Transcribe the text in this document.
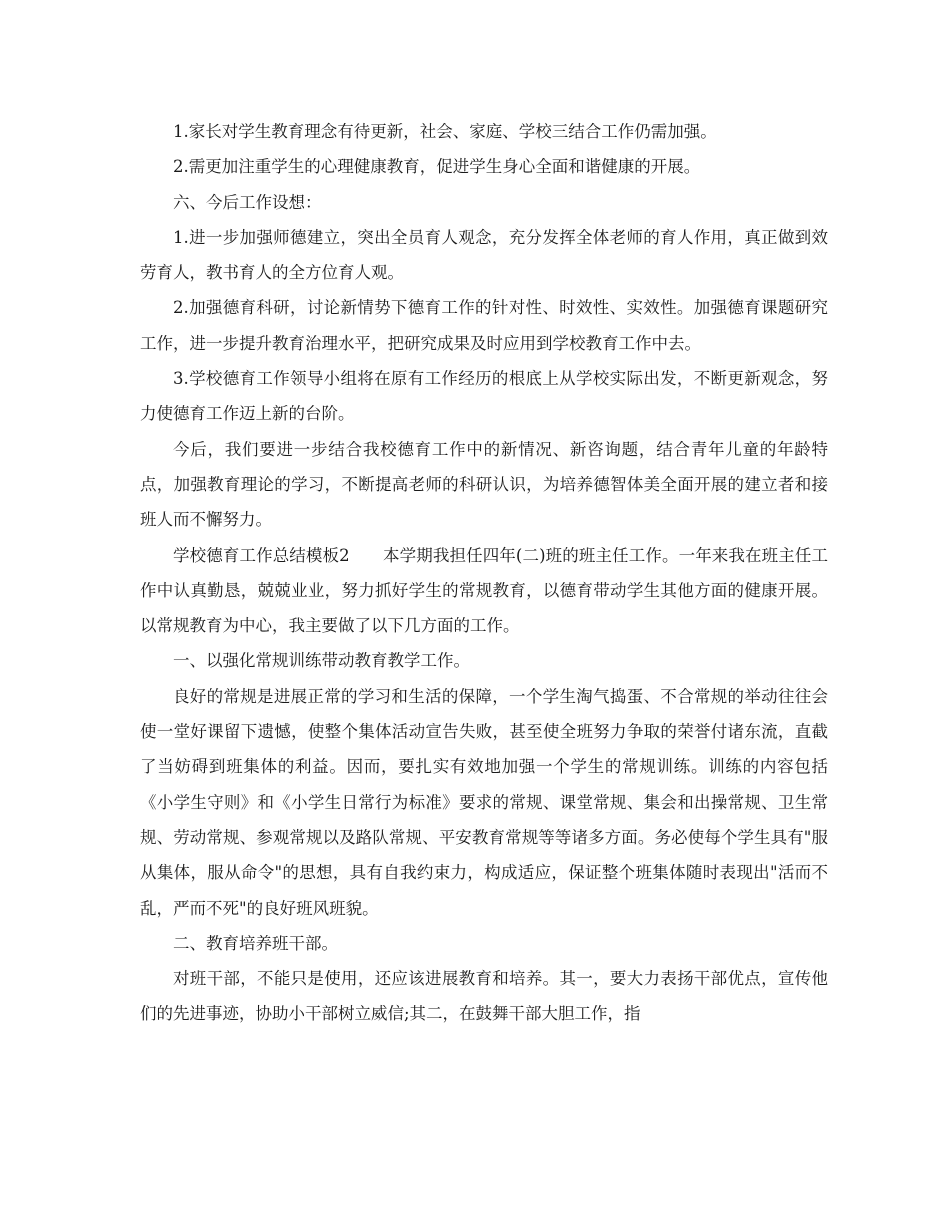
1.家长对学生教育理念有待更新，社会、家庭、学校三结合工作仍需加强。

2.需更加注重学生的心理健康教育，促进学生身心全面和谐健康的开展。

六、今后工作设想：

1.进一步加强师德建立，突出全员育人观念，充分发挥全体老师的育人作用，真正做到效劳育人，教书育人的全方位育人观。

2.加强德育科研，讨论新情势下德育工作的针对性、时效性、实效性。加强德育课题研究工作，进一步提升教育治理水平，把研究成果及时应用到学校教育工作中去。

3.学校德育工作领导小组将在原有工作经历的根底上从学校实际出发，不断更新观念，努力使德育工作迈上新的台阶。

今后，我们要进一步结合我校德育工作中的新情况、新咨询题，结合青年儿童的年龄特点，加强教育理论的学习，不断提高老师的科研认识，为培养德智体美全面开展的建立者和接班人而不懈努力。

学校德育工作总结模板2　　本学期我担任四年(二)班的班主任工作。一年来我在班主任工作中认真勤恳，兢兢业业，努力抓好学生的常规教育，以德育带动学生其他方面的健康开展。以常规教育为中心，我主要做了以下几方面的工作。

一、以强化常规训练带动教育教学工作。

良好的常规是进展正常的学习和生活的保障，一个学生淘气捣蛋、不合常规的举动往往会使一堂好课留下遗憾，使整个集体活动宣告失败，甚至使全班努力争取的荣誉付诸东流，直截了当妨碍到班集体的利益。因而，要扎实有效地加强一个学生的常规训练。训练的内容包括《小学生守则》和《小学生日常行为标准》要求的常规、课堂常规、集会和出操常规、卫生常规、劳动常规、参观常规以及路队常规、平安教育常规等等诸多方面。务必使每个学生具有"服从集体，服从命令"的思想，具有自我约束力，构成适应，保证整个班集体随时表现出"活而不乱，严而不死"的良好班风班貌。

二、教育培养班干部。

对班干部，不能只是使用，还应该进展教育和培养。其一，要大力表扬干部优点，宣传他们的先进事迹，协助小干部树立威信;其二，在鼓舞干部大胆工作，指
